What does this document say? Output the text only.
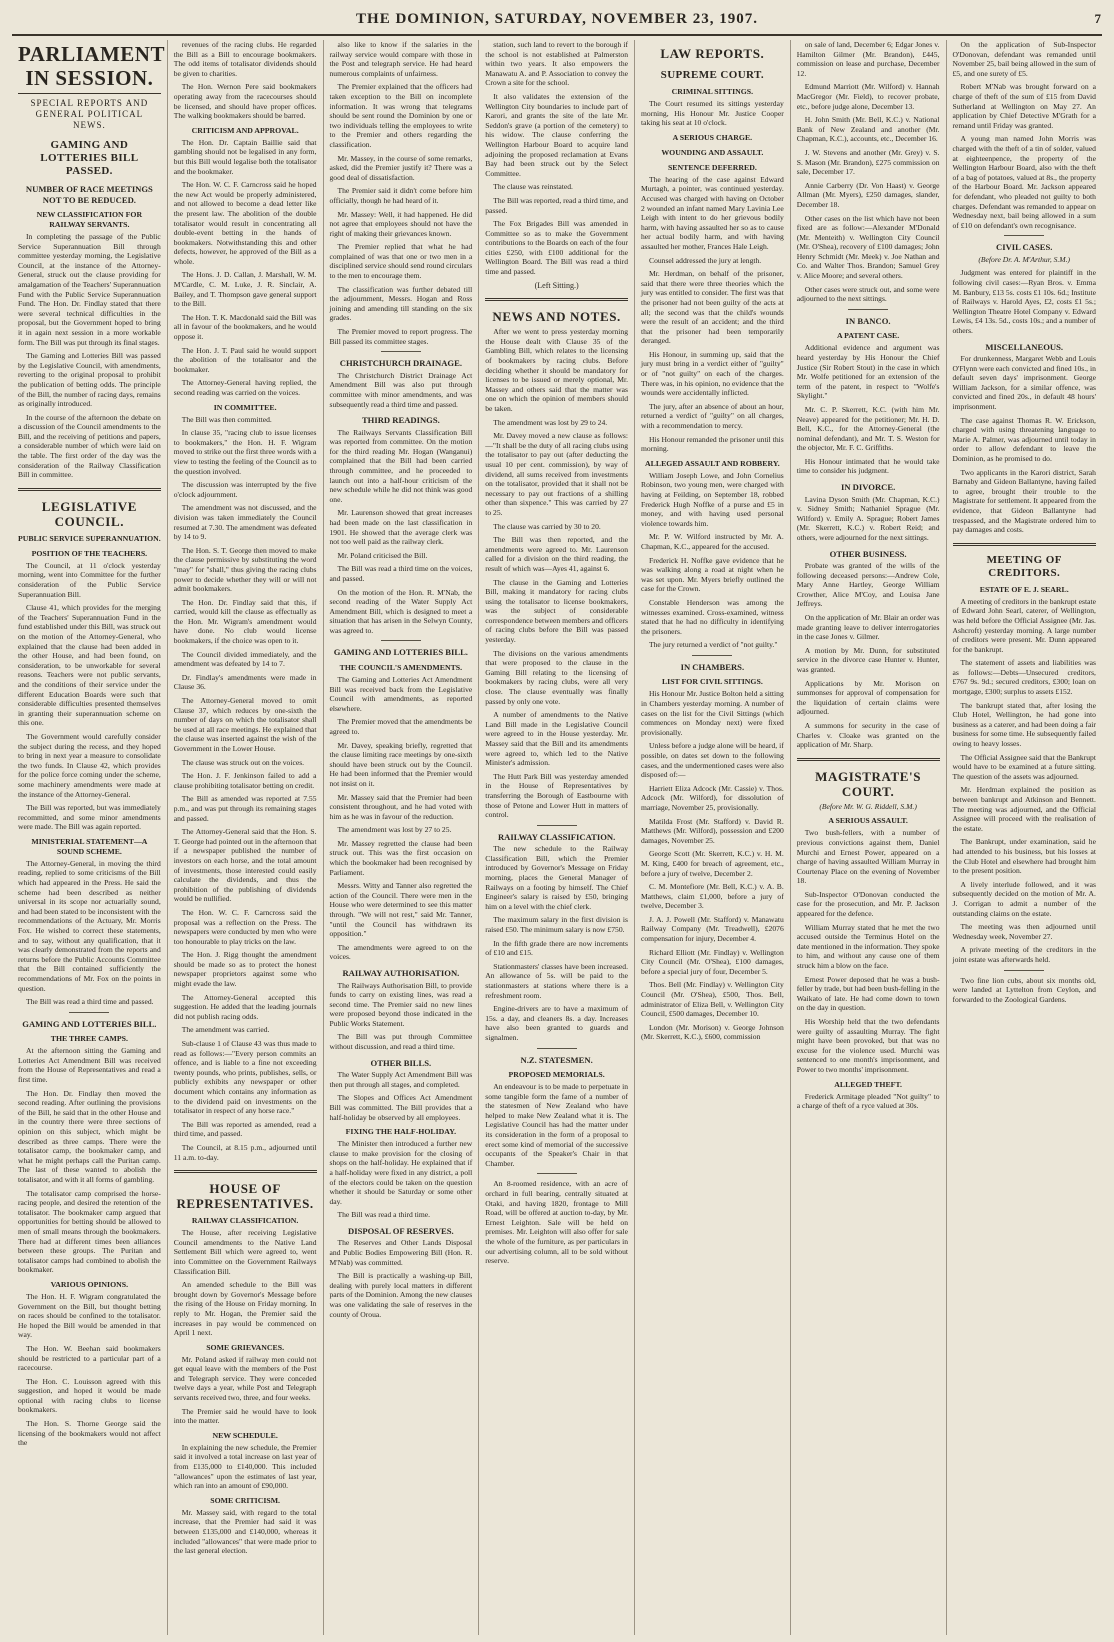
THE DOMINION, SATURDAY, NOVEMBER 23, 1907.	7
PARLIAMENT IN SESSION.
SPECIAL REPORTS AND GENERAL POLITICAL NEWS.
GAMING AND LOTTERIES BILL PASSED.
NUMBER OF RACE MEETINGS NOT TO BE REDUCED.
NEW CLASSIFICATION FOR RAILWAY SERVANTS.

In completing the passage of the Public Service Superannuation Bill through committee yesterday morning, the Legislative Council, at the instance of the Attorney-General, struck out the clause providing for amalgamation of the Teachers' Superannuation Fund with the Public Service Superannuation Fund. The Hon. Dr. Findlay stated that there were several technical difficulties in the proposal, but the Government hoped to bring it in again next session in a more workable form. The Bill was put through its final stages.

The Gaming and Lotteries Bill was passed by the Legislative Council, with amendments, reverting to the original proposal to prohibit the publication of betting odds. The principle of the Bill, the number of racing days, remains as originally introduced.

In the course of the afternoon the debate on a discussion of the Council amendments to the Bill, and the receiving of petitions and papers, a considerable number of which were laid on the table. The first order of the day was the consideration of the Railway Classification Bill in committee.

LEGISLATIVE COUNCIL.
PUBLIC SERVICE SUPERANNUATION.
POSITION OF THE TEACHERS.

The Council, at 11 o'clock yesterday morning, went into Committee for the further consideration of the Public Service Superannuation Bill.

Clause 41, which provides for the merging of the Teachers' Superannuation Fund in the fund established under this Bill, was struck out on the motion of the Attorney-General, who explained that the clause had been added in the other House, and had been found, on consideration, to be unworkable for several reasons. Teachers were not public servants, and the conditions of their service under the different Education Boards were such that considerable difficulties presented themselves in granting their superannuation scheme on this one.

The Government would carefully consider the subject during the recess, and they hoped to bring in next year a measure to consolidate the two funds. In Clause 42, which provides for the police force coming under the scheme, some machinery amendments were made at the instance of the Attorney-General.

The Bill was reported, but was immediately recommitted, and some minor amendments were made. The Bill was again reported.

MINISTERIAL STATEMENT—A SOUND SCHEME.

The Attorney-General, in moving the third reading, replied to some criticisms of the Bill which had appeared in the Press. He said the scheme had been described as neither universal in its scope nor actuarially sound, and had been stated to be inconsistent with the recommendations of the Actuary, Mr. Morris Fox. He wished to correct these statements, and to say, without any qualification, that it was clearly demonstrated from the reports and returns before the Public Accounts Committee that the Bill contained sufficiently the recommendations of Mr. Fox on the points in question.

The Bill was read a third time and passed.

GAMING AND LOTTERIES BILL.
THE THREE CAMPS.

At the afternoon sitting the Gaming and Lotteries Act Amendment Bill was received from the House of Representatives and read a first time.

The Hon. Dr. Findlay then moved the second reading. After outlining the provisions of the Bill, he said that in the other House and in the country there were three sections of opinion on this subject, which might be described as three camps. There were the totalisator camp, the bookmaker camp, and what he might perhaps call the Puritan camp. The last of these wanted to abolish the totalisator, and with it all forms of gambling.

The totalisator camp comprised the horse-racing people, and desired the retention of the totalisator. The bookmaker camp argued that opportunities for betting should be allowed to men of small means through the bookmakers. There had at different times been alliances between these groups. The Puritan and totalisator camps had combined to abolish the bookmaker.

VARIOUS OPINIONS.

The Hon. H. F. Wigram congratulated the Government on the Bill, but thought betting on races should be confined to the totalisator. He hoped the Bill would be amended in that way.

The Hon. W. Beehan said bookmakers should be restricted to a particular part of a racecourse.

The Hon. C. Louisson agreed with this suggestion, and hoped it would be made optional with racing clubs to license bookmakers.

The Hon. S. Thorne George said the licensing of the bookmakers would not affect the

revenues of the racing clubs. He regarded the Bill as a Bill to encourage bookmakers. The odd items of totalisator dividends should be given to charities.

The Hon. Wernon Pere said bookmakers operating away from the racecourses should be licensed, and should have proper offices. The walking bookmakers should be barred.

CRITICISM AND APPROVAL.

The Hon. Dr. Captain Baillie said that gambling should not be legalised in any form, but this Bill would legalise both the totalisator and the bookmaker.

The Hon. W. C. F. Carncross said he hoped the new Act would be properly administered, and not allowed to become a dead letter like the present law. The abolition of the double totalisator would result in concentrating all double-event betting in the hands of bookmakers. Notwithstanding this and other defects, however, he approved of the Bill as a whole.

The Hons. J. D. Callan, J. Marshall, W. M. M'Cardle, C. M. Luke, J. R. Sinclair, A. Bailey, and T. Thompson gave general support to the Bill.

The Hon. T. K. Macdonald said the Bill was all in favour of the bookmakers, and he would oppose it.

The Hon. J. T. Paul said he would support the abolition of the totalisator and the bookmaker.

The Attorney-General having replied, the second reading was carried on the voices.

IN COMMITTEE.

The Bill was then committed.

In clause 35, "racing club to issue licenses to bookmakers," the Hon. H. F. Wigram moved to strike out the first three words with a view to testing the feeling of the Council as to the question involved.

The discussion was interrupted by the five o'clock adjournment.

The amendment was not discussed, and the division was taken immediately the Council resumed at 7.30. The amendment was defeated by 14 to 9.

The Hon. S. T. George then moved to make the clause permissive by substituting the word "may" for "shall," thus giving the racing clubs power to decide whether they will or will not admit bookmakers.

The Hon. Dr. Findlay said that this, if carried, would kill the clause as effectually as the Hon. Mr. Wigram's amendment would have done. No club would license bookmakers, if the choice was open to it.

The Council divided immediately, and the amendment was defeated by 14 to 7.

Dr. Findlay's amendments were made in Clause 36.

The Attorney-General moved to omit Clause 37, which reduces by one-sixth the number of days on which the totalisator shall be used at all race meetings. He explained that the clause was inserted against the wish of the Government in the Lower House.

The clause was struck out on the voices.

The Hon. J. F. Jenkinson failed to add a clause prohibiting totalisator betting on credit.

The Bill as amended was reported at 7.55 p.m., and was put through its remaining stages and passed.

The Attorney-General said that the Hon. S. T. George had pointed out in the afternoon that if a newspaper published the number of investors on each horse, and the total amount of investments, those interested could easily calculate the dividends, and thus the prohibition of the publishing of dividends would be nullified.

The Hon. W. C. F. Carncross said the proposal was a reflection on the Press. The newspapers were conducted by men who were too honourable to play tricks on the law.

The Hon. J. Rigg thought the amendment should be made so as to protect the honest newspaper proprietors against some who might evade the law.

The Attorney-General accepted this suggestion. He added that the leading journals did not publish racing odds.

The amendment was carried.

Sub-clause 1 of Clause 43 was thus made to read as follows:—"Every person commits an offence, and is liable to a fine not exceeding twenty pounds, who prints, publishes, sells, or publicly exhibits any newspaper or other document which contains any information as to the dividend paid on investments on the totalisator in respect of any horse race."

The Bill was reported as amended, read a third time, and passed.

The Council, at 8.15 p.m., adjourned until 11 a.m. to-day.

HOUSE OF REPRESENTATIVES.
RAILWAY CLASSIFICATION.

The House, after receiving Legislative Council amendments to the Native Land Settlement Bill which were agreed to, went into Committee on the Government Railways Classification Bill.

An amended schedule to the Bill was brought down by Governor's Message before the rising of the House on Friday morning. In reply to Mr. Hogan, the Premier said the increases in pay would be commenced on April 1 next.

SOME GRIEVANCES.

Mr. Poland asked if railway men could not get equal leave with the members of the Post and Telegraph service. They were conceded twelve days a year, while Post and Telegraph servants received two, three, and four weeks.

The Premier said he would have to look into the matter.

NEW SCHEDULE.

In explaining the new schedule, the Premier said it involved a total increase on last year of from £135,000 to £140,000. This included "allowances" upon the estimates of last year, which ran into an amount of £90,000.

SOME CRITICISM.

Mr. Massey said, with regard to the total increase, that the Premier had said it was between £135,000 and £140,000, whereas it included "allowances" that were made prior to the last general election.

also like to know if the salaries in the railway service would compare with those in the Post and telegraph service. He had heard numerous complaints of unfairness.

The Premier explained that the officers had taken exception to the Bill on incomplete information. It was wrong that telegrams should be sent round the Dominion by one or two individuals telling the employees to write to the Premier and others regarding the classification.

Mr. Massey, in the course of some remarks, asked, did the Premier justify it? There was a good deal of dissatisfaction.

The Premier said it didn't come before him officially, though he had heard of it.

Mr. Massey: Well, it had happened. He did not agree that employees should not have the right of making their grievances known.

The Premier replied that what he had complained of was that one or two men in a disciplined service should send round circulars to the men to encourage them.

The classification was further debated till the adjournment, Messrs. Hogan and Ross joining and amending till standing on the six grades.

The Premier moved to report progress. The Bill passed its committee stages.

CHRISTCHURCH DRAINAGE.

The Christchurch District Drainage Act Amendment Bill was also put through committee with minor amendments, and was subsequently read a third time and passed.

THIRD READINGS.

The Railways Servants Classification Bill was reported from committee. On the motion for the third reading Mr. Hogan (Wanganui) complained that the Bill had been carried through committee, and he proceeded to launch out into a half-hour criticism of the new schedule while he did not think was good one.

Mr. Laurenson showed that great increases had been made on the last classification in 1901. He showed that the average clerk was not too well paid as the railway clerk.

Mr. Poland criticised the Bill.

The Bill was read a third time on the voices, and passed.

On the motion of the Hon. R. M'Nab, the second reading of the Water Supply Act Amendment Bill, which is designed to meet a situation that has arisen in the Selwyn County, was agreed to.

GAMING AND LOTTERIES BILL.
THE COUNCIL'S AMENDMENTS.

The Gaming and Lotteries Act Amendment Bill was received back from the Legislative Council with amendments, as reported elsewhere.

The Premier moved that the amendments be agreed to.

Mr. Davey, speaking briefly, regretted that the clause limiting race meetings by one-sixth should have been struck out by the Council. He had been informed that the Premier would not insist on it.

Mr. Massey said that the Premier had been consistent throughout, and he had voted with him as he was in favour of the reduction.

The amendment was lost by 27 to 25.

Mr. Massey regretted the clause had been struck out. This was the first occasion on which the bookmaker had been recognised by Parliament.

Messrs. Witty and Tanner also regretted the action of the Council. There were men in the House who were determined to see this matter through. "We will not rest," said Mr. Tanner, "until the Council has withdrawn its opposition."

The amendments were agreed to on the voices.

RAILWAY AUTHORISATION.

The Railways Authorisation Bill, to provide funds to carry on existing lines, was read a second time. The Premier said no new lines were proposed beyond those indicated in the Public Works Statement.

The Bill was put through Committee without discussion, and read a third time.

OTHER BILLS.

The Water Supply Act Amendment Bill was then put through all stages, and completed.

The Slopes and Offices Act Amendment Bill was committed. The Bill provides that a half-holiday be observed by all employees.

FIXING THE HALF-HOLIDAY.

The Minister then introduced a further new clause to make provision for the closing of shops on the half-holiday. He explained that if a half-holiday were fixed in any district, a poll of the electors could be taken on the question whether it should be Saturday or some other day.

The Bill was read a third time.

DISPOSAL OF RESERVES.

The Reserves and Other Lands Disposal and Public Bodies Empowering Bill (Hon. R. M'Nab) was committed.

The Bill is practically a washing-up Bill, dealing with purely local matters in different parts of the Dominion. Among the new clauses was one validating the sale of reserves in the county of Oroua.

station, such land to revert to the borough if the school is not established at Palmerston within two years. It also empowers the Manawatu A. and P. Association to convey the Crown a site for the school.

It also validates the extension of the Wellington City boundaries to include part of Karori, and grants the site of the late Mr. Seddon's grave (a portion of the cemetery) to his widow. The clause conferring the Wellington Harbour Board to acquire land adjoining the proposed reclamation at Evans Bay had been struck out by the Select Committee.

The clause was reinstated.

The Bill was reported, read a third time, and passed.

The Fox Brigades Bill was amended in Committee so as to make the Government contributions to the Boards on each of the four cities £250, with £100 additional for the Wellington Board. The Bill was read a third time and passed.

(Left Sitting.)
NEWS AND NOTES.

After we went to press yesterday morning the House dealt with Clause 35 of the Gambling Bill, which relates to the licensing of bookmakers by racing clubs. Before deciding whether it should be mandatory for licenses to be issued or merely optional, Mr. Massey and others said that the matter was one on which the opinion of members should be taken.

The amendment was lost by 29 to 24.

Mr. Davey moved a new clause as follows:—"It shall be the duty of all racing clubs using the totalisator to pay out (after deducting the usual 10 per cent. commission), by way of dividend, all sums received from investments on the totalisator, provided that it shall not be necessary to pay out fractions of a shilling other than sixpence." This was carried by 27 to 25.

The clause was carried by 30 to 20.

The Bill was then reported, and the amendments were agreed to. Mr. Laurenson called for a division on the third reading, the result of which was—Ayes 41, against 6.

The clause in the Gaming and Lotteries Bill, making it mandatory for racing clubs using the totalisator to license bookmakers, was the subject of considerable correspondence between members and officers of racing clubs before the Bill was passed yesterday.

The divisions on the various amendments that were proposed to the clause in the Gaming Bill relating to the licensing of bookmakers by racing clubs, were all very close. The clause eventually was finally passed by only one vote.

A number of amendments to the Native Land Bill made in the Legislative Council were agreed to in the House yesterday. Mr. Massey said that the Bill and its amendments were agreed to, which led to the Native Minister's admission.

The Hutt Park Bill was yesterday amended in the House of Representatives by transferring the Borough of Eastbourne with those of Petone and Lower Hutt in matters of control.

RAILWAY CLASSIFICATION.

The new schedule to the Railway Classification Bill, which the Premier introduced by Governor's Message on Friday morning, places the General Manager of Railways on a footing by himself. The Chief Engineer's salary is raised by £50, bringing him on a level with the chief clerk.

The maximum salary in the first division is raised £50. The minimum salary is now £750.

In the fifth grade there are now increments of £10 and £15.

Stationmasters' classes have been increased. An allowance of 5s. will be paid to the stationmasters at stations where there is a refreshment room.

Engine-drivers are to have a maximum of 15s. a day, and cleaners 8s. a day. Increases have also been granted to guards and signalmen.

N.Z. STATESMEN.
PROPOSED MEMORIALS.

An endeavour is to be made to perpetuate in some tangible form the fame of a number of the statesmen of New Zealand who have helped to make New Zealand what it is. The Legislative Council has had the matter under its consideration in the form of a proposal to erect some kind of memorial of the successive occupants of the Speaker's Chair in that Chamber.

An 8-roomed residence, with an acre of orchard in full bearing, centrally situated at Otaki, and having 1820, frontage to Mill Road, will be offered at auction to-day, by Mr. Ernest Leighton. Sale will be held on premises. Mr. Leighton will also offer for sale the whole of the furniture, as per particulars in our advertising column, all to be sold without reserve.

LAW REPORTS.
SUPREME COURT.
CRIMINAL SITTINGS.

The Court resumed its sittings yesterday morning, His Honour Mr. Justice Cooper taking his seat at 10 o'clock.

A SERIOUS CHARGE.
WOUNDING AND ASSAULT.
SENTENCE DEFERRED.

The hearing of the case against Edward Murtagh, a pointer, was continued yesterday. Accused was charged with having on October 2 wounded an infant named Mary Lavinia Lee Leigh with intent to do her grievous bodily harm, with having assaulted her so as to cause her actual bodily harm, and with having assaulted her mother, Frances Hale Leigh.

Counsel addressed the jury at length.

Mr. Herdman, on behalf of the prisoner, said that there were three theories which the jury was entitled to consider. The first was that the prisoner had not been guilty of the acts at all; the second was that the child's wounds were the result of an accident; and the third that the prisoner had been temporarily deranged.

His Honour, in summing up, said that the jury must bring in a verdict either of "guilty" or of "not guilty" on each of the charges. There was, in his opinion, no evidence that the wounds were accidentally inflicted.

The jury, after an absence of about an hour, returned a verdict of "guilty" on all charges, with a recommendation to mercy.

His Honour remanded the prisoner until this morning.

ALLEGED ASSAULT AND ROBBERY.

William Joseph Lowe, and John Cornelius Robinson, two young men, were charged with having at Feilding, on September 18, robbed Frederick Hugh Noffke of a purse and £5 in money, and with having used personal violence towards him.

Mr. P. W. Wilford instructed by Mr. A. Chapman, K.C., appeared for the accused.

Frederick H. Noffke gave evidence that he was walking along a road at night when he was set upon. Mr. Myers briefly outlined the case for the Crown.

Constable Henderson was among the witnesses examined. Cross-examined, witness stated that he had no difficulty in identifying the prisoners.

The jury returned a verdict of "not guilty."

IN CHAMBERS.
LIST FOR CIVIL SITTINGS.

His Honour Mr. Justice Bolton held a sitting in Chambers yesterday morning. A number of cases on the list for the Civil Sittings (which commences on Monday next) were fixed provisionally.

Unless before a judge alone will be heard, if possible, on dates set down to the following cases, and the undermentioned cases were also disposed of:—

Harriett Eliza Adcock (Mr. Cassie) v. Thos. Adcock (Mr. Wilford), for dissolution of marriage, November 25, provisionally.

Matilda Frost (Mr. Stafford) v. David R. Matthews (Mr. Wilford), possession and £200 damages, November 25.

George Scott (Mr. Skerrett, K.C.) v. H. M. M. King, £400 for breach of agreement, etc., before a jury of twelve, December 2.

C. M. Montefiore (Mr. Bell, K.C.) v. A. B. Matthews, claim £1,000, before a jury of twelve, December 3.

J. A. J. Powell (Mr. Stafford) v. Manawatu Railway Company (Mr. Treadwell), £2076 compensation for injury, December 4.

Richard Elliott (Mr. Findlay) v. Wellington City Council (Mr. O'Shea), £100 damages, before a special jury of four, December 5.

Thos. Bell (Mr. Findlay) v. Wellington City Council (Mr. O'Shea), £500, Thos. Bell, administrator of Eliza Bell, v. Wellington City Council, £500 damages, December 10.

London (Mr. Morison) v. George Johnson (Mr. Skerrett, K.C.), £600, commission

on sale of land, December 6; Edgar Jones v. Hamilton Gilmer (Mr. Brandon), £445, commission on lease and purchase, December 12.

Edmund Marriott (Mr. Wilford) v. Hannah MacGregor (Mr. Field), to recover probate, etc., before judge alone, December 13.

H. John Smith (Mr. Bell, K.C.) v. National Bank of New Zealand and another (Mr. Chapman, K.C.), accounts, etc., December 16.

J. W. Stevens and another (Mr. Grey) v. S. S. Mason (Mr. Brandon), £275 commission on sale, December 17.

Annie Carberry (Dr. Von Haast) v. George Allman (Mr. Myers), £250 damages, slander, December 18.

Other cases on the list which have not been fixed are as follow:—Alexander M'Donald (Mr. Menteith) v. Wellington City Council (Mr. O'Shea), recovery of £100 damages; John Henry Schmidt (Mr. Meek) v. Joe Nathan and Co. and Walter Thos. Brandon; Samuel Grey v. Alice Moore; and several others.

Other cases were struck out, and some were adjourned to the next sittings.

IN BANCO.
A PATENT CASE.

Additional evidence and argument was heard yesterday by His Honour the Chief Justice (Sir Robert Stout) in the case in which Mr. Wolfe petitioned for an extension of the term of the patent, in respect to "Wolfe's Skylight."

Mr. C. P. Skerrett, K.C. (with him Mr. Neave) appeared for the petitioner; Mr. H. D. Bell, K.C., for the Attorney-General (the nominal defendant), and Mr. T. S. Weston for the objector, Mr. F. C. Griffiths.

His Honour intimated that he would take time to consider his judgment.

IN DIVORCE.

Lavina Dyson Smith (Mr. Chapman, K.C.) v. Sidney Smith; Nathaniel Sprague (Mr. Wilford) v. Emily A. Sprague; Robert James (Mr. Skerrett, K.C.) v. Robert Reid; and others, were adjourned for the next sittings.

OTHER BUSINESS.

Probate was granted of the wills of the following deceased persons:—Andrew Cole, Mary Anne Hartley, George William Crowther, Alice M'Coy, and Louisa Jane Jeffreys.

On the application of Mr. Blair an order was made granting leave to deliver interrogatories in the case Jones v. Gilmer.

A motion by Mr. Dunn, for substituted service in the divorce case Hunter v. Hunter, was granted.

Applications by Mr. Morison on summonses for approval of compensation for the liquidation of certain claims were adjourned.

A summons for security in the case of Charles v. Cloake was granted on the application of Mr. Sharp.

MAGISTRATE'S COURT.
(Before Mr. W. G. Riddell, S.M.)
A SERIOUS ASSAULT.

Two bush-fellers, with a number of previous convictions against them, Daniel Murchi and Ernest Power, appeared on a charge of having assaulted William Murray in Courtenay Place on the evening of November 18.

Sub-Inspector O'Donovan conducted the case for the prosecution, and Mr. P. Jackson appeared for the defence.

William Murray stated that he met the two accused outside the Terminus Hotel on the date mentioned in the information. They spoke to him, and without any cause one of them struck him a blow on the face.

Ernest Power deposed that he was a bush-feller by trade, but had been bush-felling in the Waikato of late. He had come down to town on the day in question.

His Worship held that the two defendants were guilty of assaulting Murray. The fight might have been provoked, but that was no excuse for the violence used. Murchi was sentenced to one month's imprisonment, and Power to two months' imprisonment.

ALLEGED THEFT.

Frederick Armitage pleaded "Not guilty" to a charge of theft of a ryce valued at 30s.

On the application of Sub-Inspector O'Donovan, defendant was remanded until November 25, bail being allowed in the sum of £5, and one surety of £5.

Robert M'Nab was brought forward on a charge of theft of the sum of £15 from David Sutherland at Wellington on May 27. An application by Chief Detective M'Grath for a remand until Friday was granted.

A young man named John Morris was charged with the theft of a tin of solder, valued at eighteenpence, the property of the Wellington Harbour Board, also with the theft of a bag of potatoes, valued at 8s., the property of the Harbour Board. Mr. Jackson appeared for defendant, who pleaded not guilty to both charges. Defendant was remanded to appear on Wednesday next, bail being allowed in a sum of £10 on defendant's own recognisance.

CIVIL CASES.
(Before Dr. A. M'Arthur, S.M.)

Judgment was entered for plaintiff in the following civil cases:—Ryan Bros. v. Emma M. Banbury, £13 5s. costs £1 10s. 6d.; Institute of Railways v. Harold Ayes, £2, costs £1 5s.; Wellington Theatre Hotel Company v. Edward Lewis, £4 13s. 5d., costs 10s.; and a number of others.

MISCELLANEOUS.

For drunkenness, Margaret Webb and Louis O'Flynn were each convicted and fined 10s., in default seven days' imprisonment. George William Jackson, for a similar offence, was convicted and fined 20s., in default 48 hours' imprisonment.

The case against Thomas R. W. Erickson, charged with using threatening language to Marie A. Palmer, was adjourned until today in order to allow defendant to leave the Dominion, as he promised to do.

Two applicants in the Karori district, Sarah Barnaby and Gideon Ballantyne, having failed to agree, brought their trouble to the Magistrate for settlement. It appeared from the evidence, that Gideon Ballantyne had trespassed, and the Magistrate ordered him to pay damages and costs.

MEETING OF CREDITORS.
ESTATE OF E. J. SEARL.

A meeting of creditors in the bankrupt estate of Edward John Searl, caterer, of Wellington, was held before the Official Assignee (Mr. Jas. Ashcroft) yesterday morning. A large number of creditors were present. Mr. Dunn appeared for the bankrupt.

The statement of assets and liabilities was as follows:—Debts—Unsecured creditors, £767 9s. 9d.; secured creditors, £300; loan on mortgage, £300; surplus to assets £152.

The bankrupt stated that, after losing the Club Hotel, Wellington, he had gone into business as a caterer, and had been doing a fair business for some time. He subsequently failed owing to heavy losses.

The Official Assignee said that the Bankrupt would have to be examined at a future sitting. The question of the assets was adjourned.

Mr. Herdman explained the position as between bankrupt and Atkinson and Bennett. The meeting was adjourned, and the Official Assignee will proceed with the realisation of the estate.

The Bankrupt, under examination, said he had attended to his business, but his losses at the Club Hotel and elsewhere had brought him to the present position.

A lively interlude followed, and it was subsequently decided on the motion of Mr. A. J. Corrigan to admit a number of the outstanding claims on the estate.

The meeting was then adjourned until Wednesday week, November 27.

A private meeting of the creditors in the joint estate was afterwards held.

Two fine lion cubs, about six months old, were landed at Lyttelton from Ceylon, and forwarded to the Zoological Gardens.
